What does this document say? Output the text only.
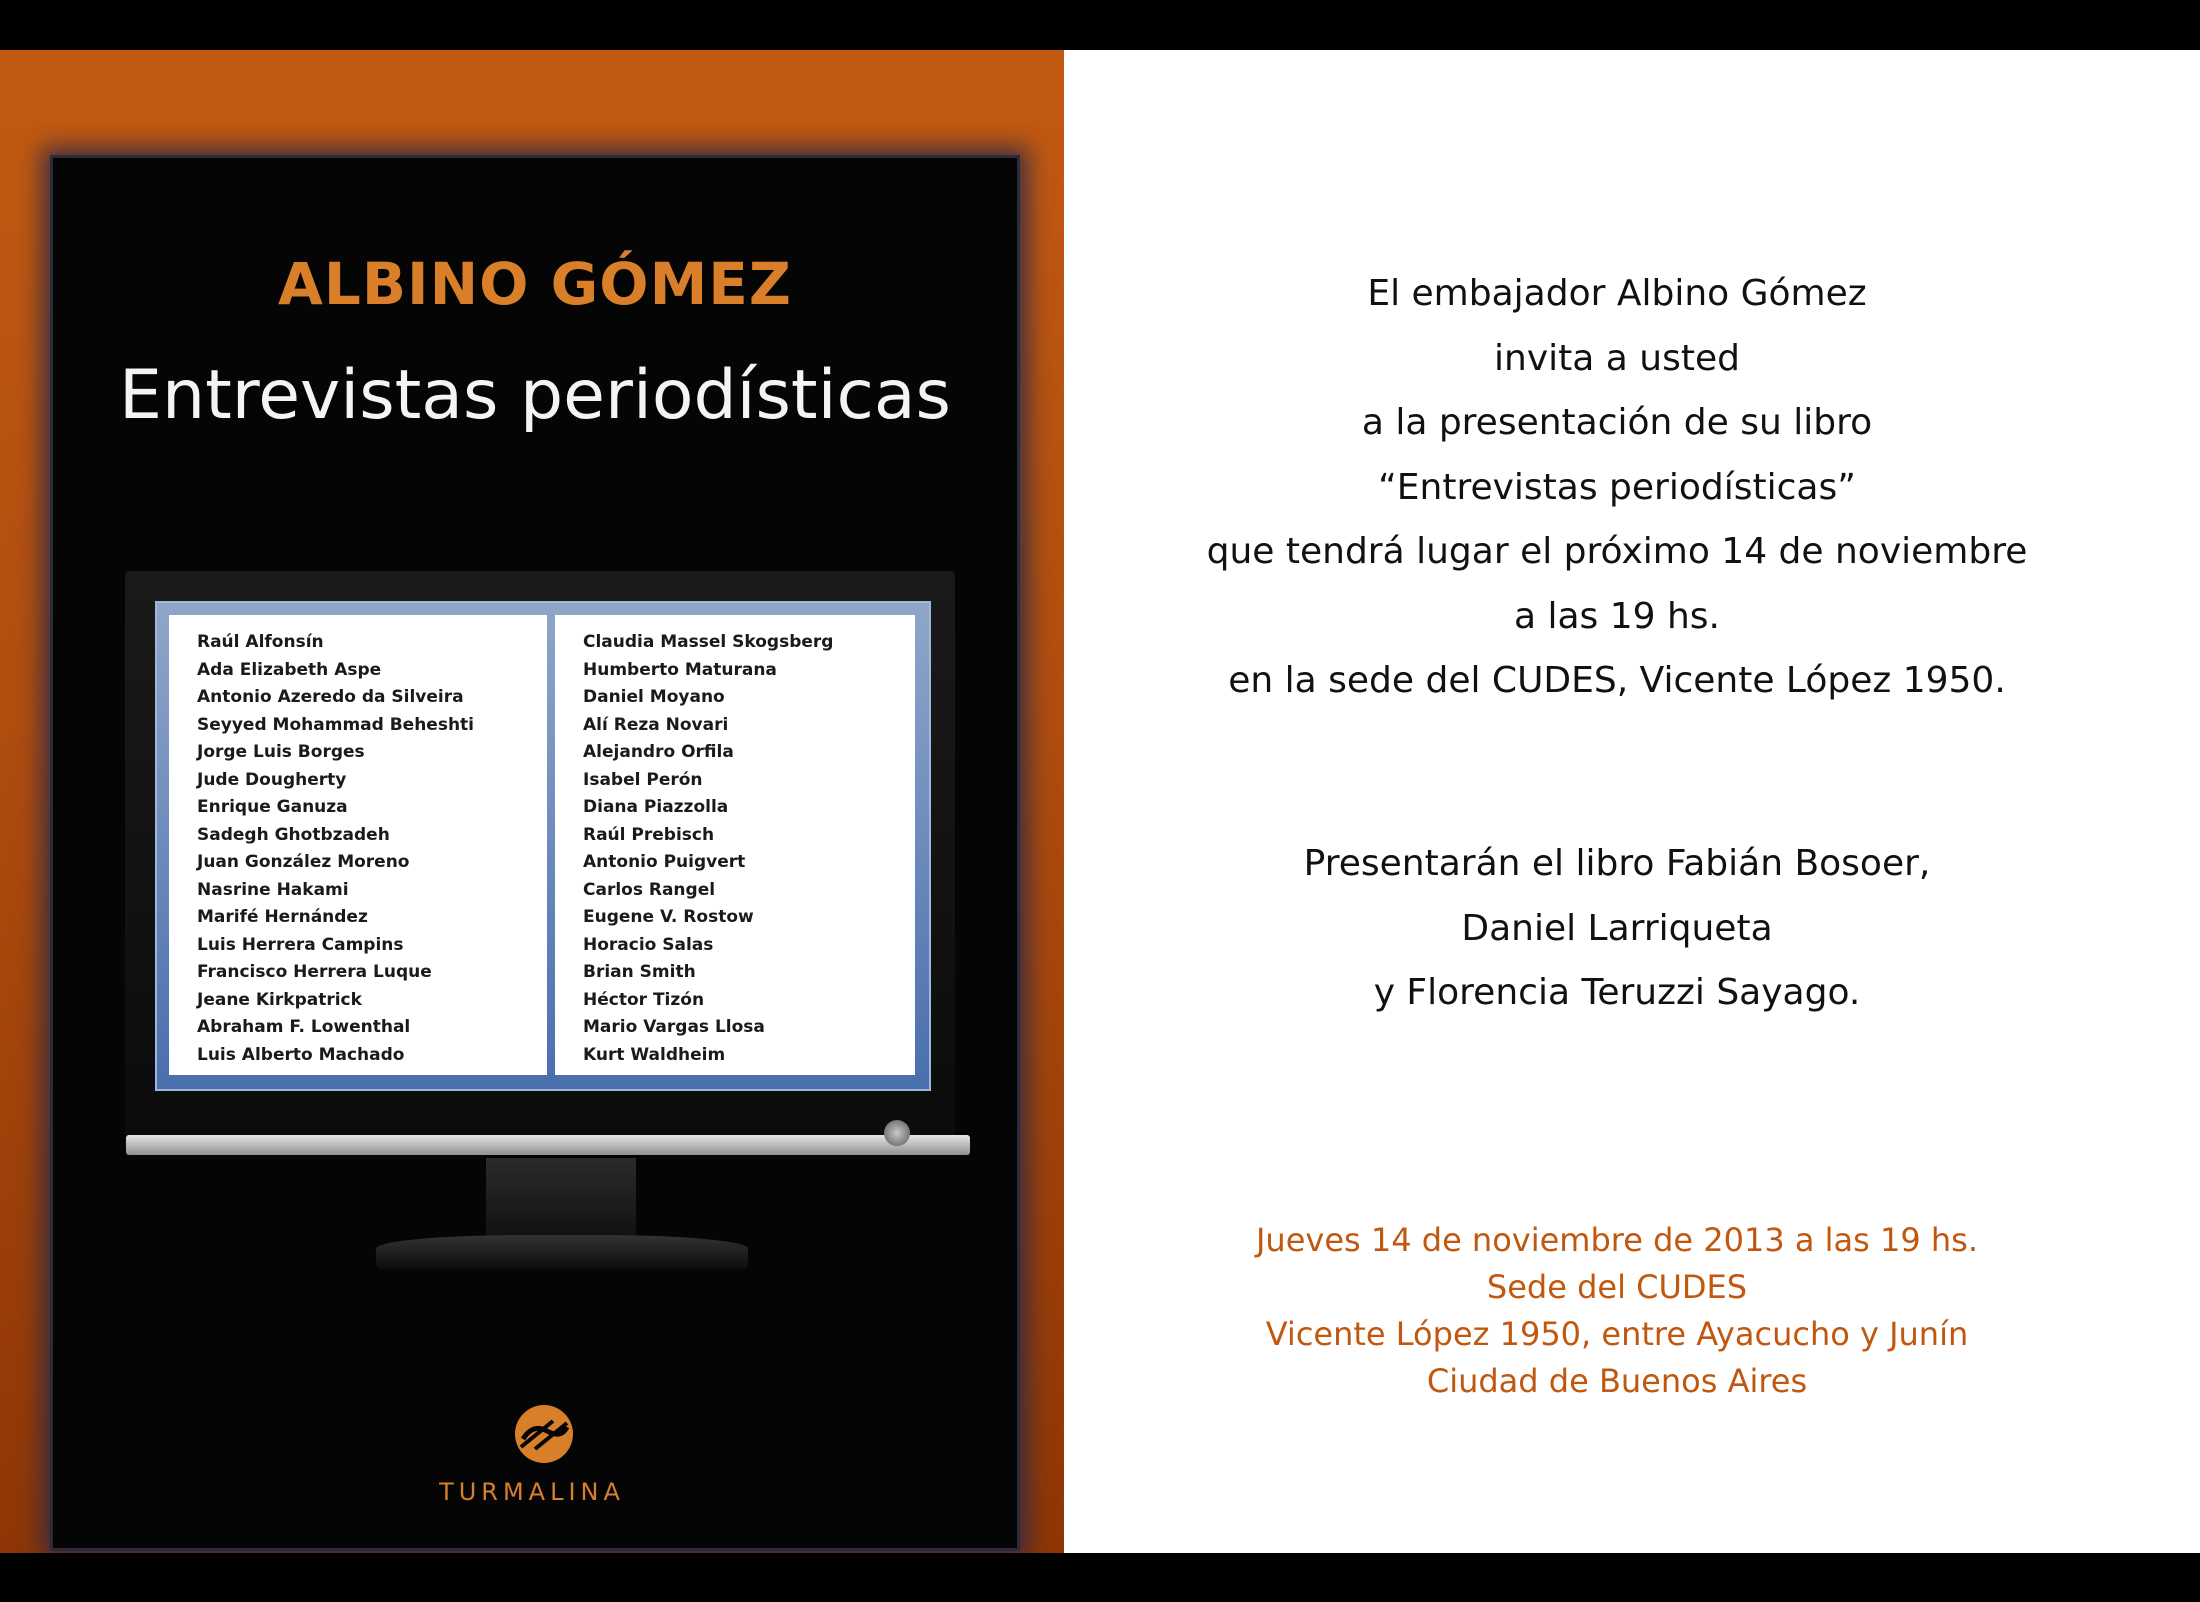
ALBINO GÓMEZ
Entrevistas periodísticas
Raúl Alfonsín
Ada Elizabeth Aspe
Antonio Azeredo da Silveira
Seyyed Mohammad Beheshti
Jorge Luis Borges
Jude Dougherty
Enrique Ganuza
Sadegh Ghotbzadeh
Juan González Moreno
Nasrine Hakami
Marifé Hernández
Luis Herrera Campins
Francisco Herrera Luque
Jeane Kirkpatrick
Abraham F. Lowenthal
Luis Alberto Machado
Claudia Massel Skogsberg
Humberto Maturana
Daniel Moyano
Alí Reza Novari
Alejandro Orfila
Isabel Perón
Diana Piazzolla
Raúl Prebisch
Antonio Puigvert
Carlos Rangel
Eugene V. Rostow
Horacio Salas
Brian Smith
Héctor Tizón
Mario Vargas Llosa
Kurt Waldheim
TURMALINA
El embajador Albino Gómez
invita a usted
a la presentación de su libro
“Entrevistas periodísticas”
que tendrá lugar el próximo 14 de noviembre
a las 19 hs.
en la sede del CUDES, Vicente López 1950.
Presentarán el libro Fabián Bosoer,
Daniel Larriqueta
y Florencia Teruzzi Sayago.
Jueves 14 de noviembre de 2013 a las 19 hs.
Sede del CUDES
Vicente López 1950, entre Ayacucho y Junín
Ciudad de Buenos Aires
